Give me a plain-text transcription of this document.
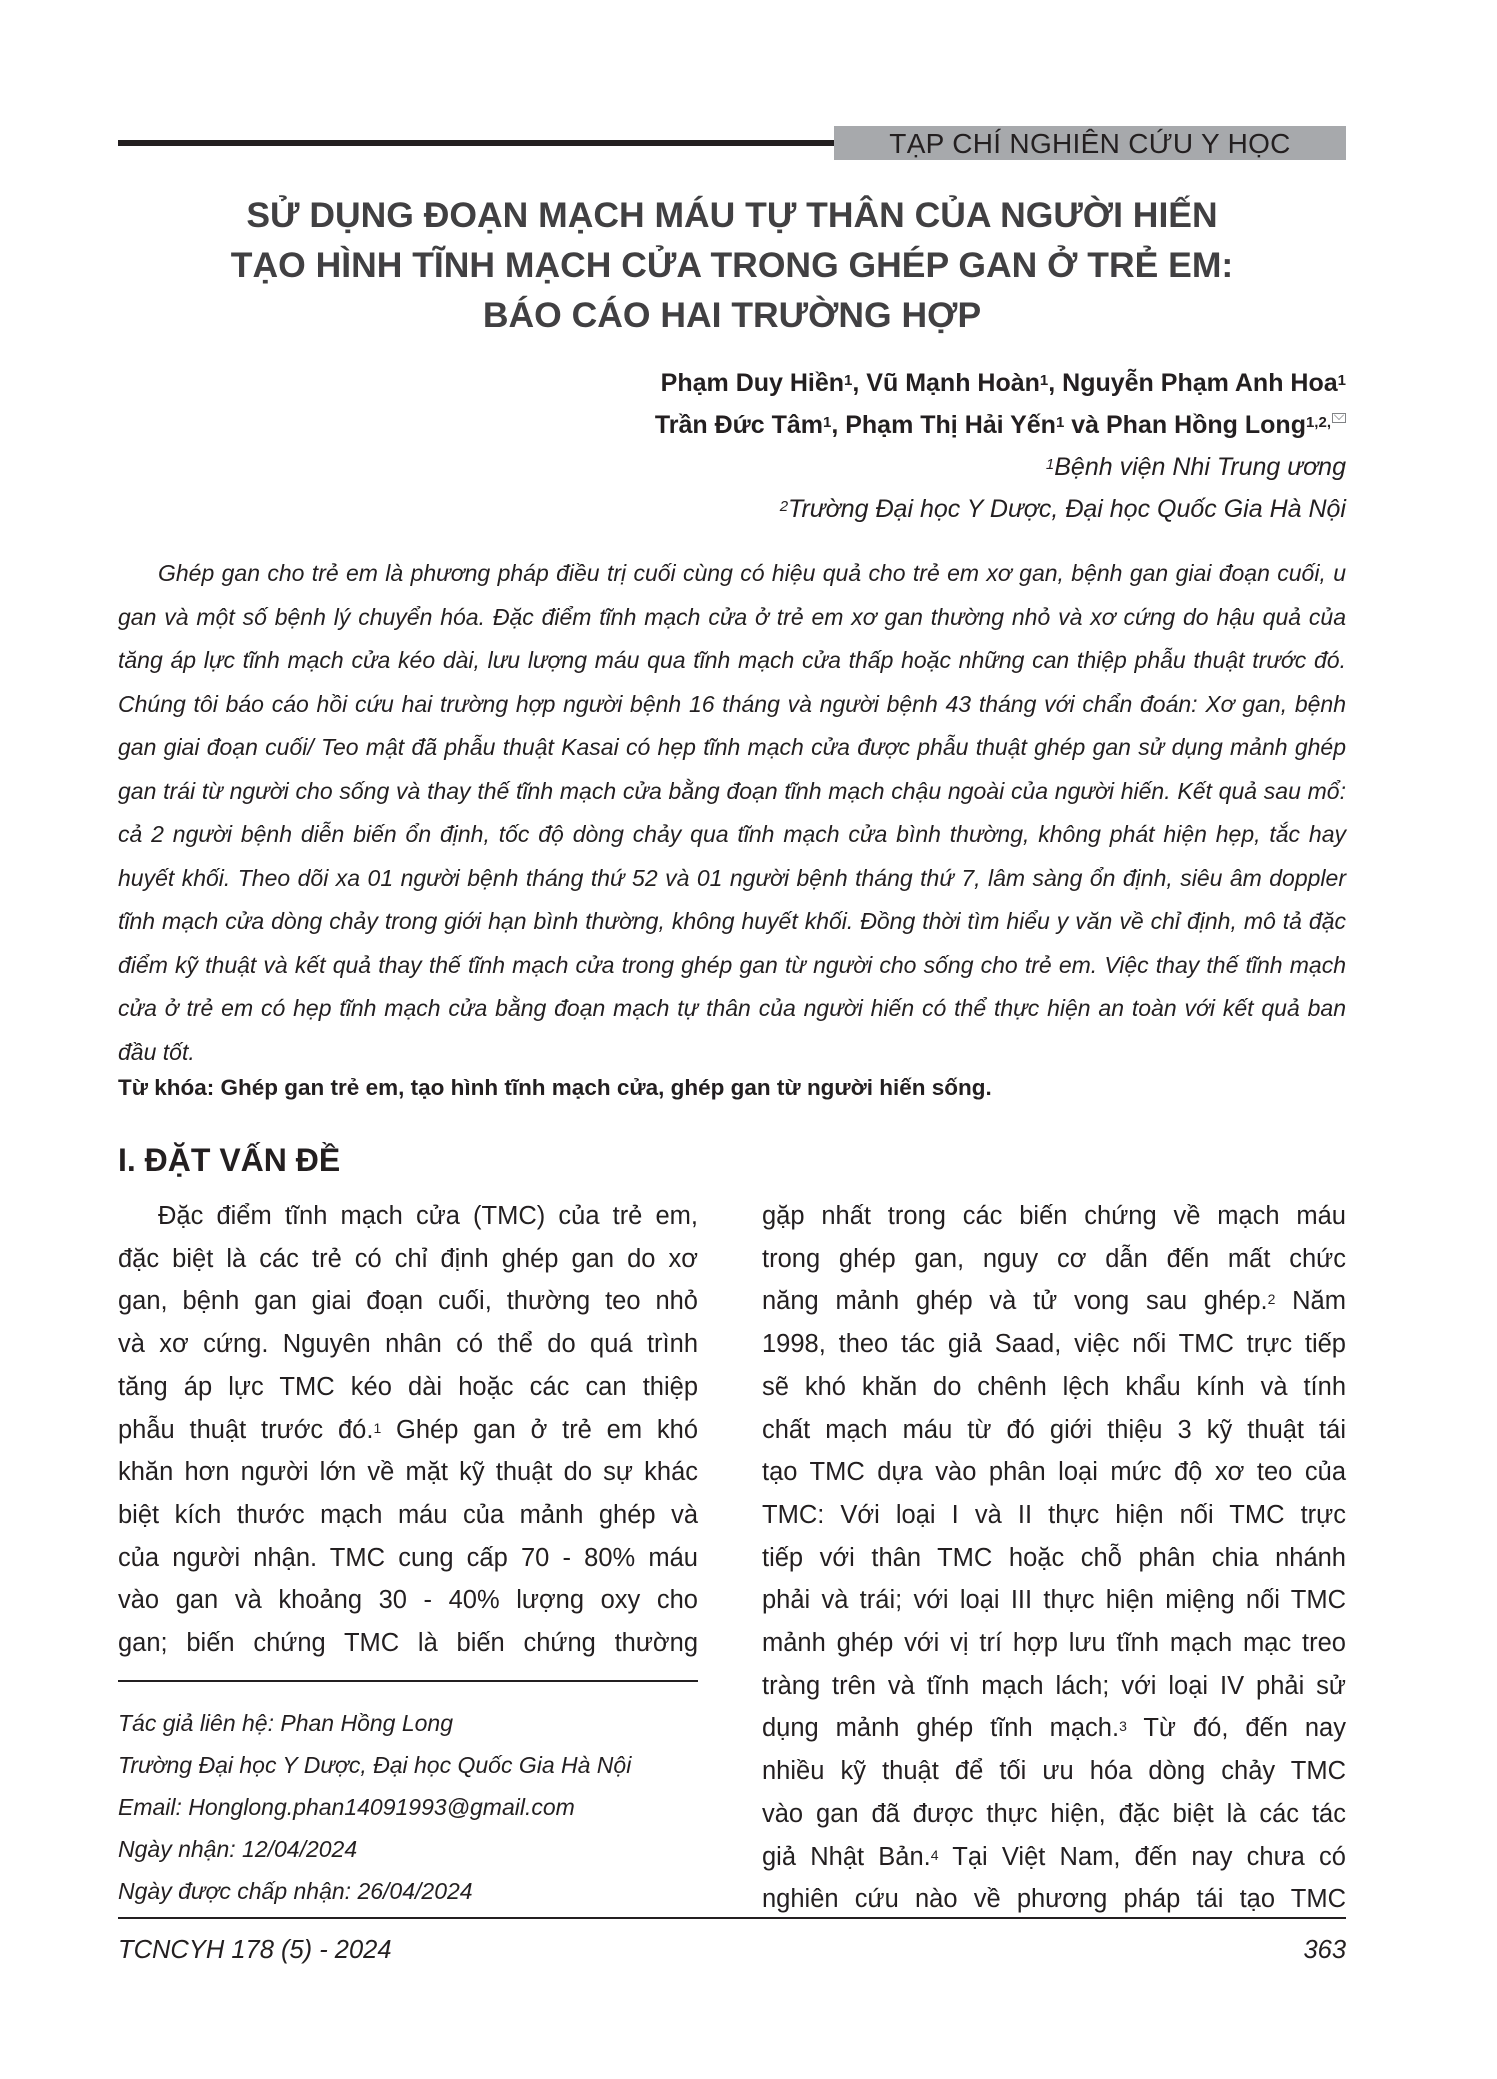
TẠP CHÍ NGHIÊN CỨU Y HỌC
SỬ DỤNG ĐOẠN MẠCH MÁU TỰ THÂN CỦA NGƯỜI HIẾN
TẠO HÌNH TĨNH MẠCH CỬA TRONG GHÉP GAN Ở TRẺ EM:
BÁO CÁO HAI TRƯỜNG HỢP
Phạm Duy Hiền$^1$, Vũ Mạnh Hoàn$^1$, Nguyễn Phạm Anh Hoa$^1$
Trần Đức Tâm$^1$, Phạm Thị Hải Yến$^1$ và Phan Hồng Long$^{1,2,}$
$^1$Bệnh viện Nhi Trung ương
$^2$Trường Đại học Y Dược, Đại học Quốc Gia Hà Nội

Ghép gan cho trẻ em là phương pháp điều trị cuối cùng có hiệu quả cho trẻ em xơ gan, bệnh gan giai đoạn cuối, u gan và một số bệnh lý chuyển hóa. Đặc điểm tĩnh mạch cửa ở trẻ em xơ gan thường nhỏ và xơ cứng do hậu quả của tăng áp lực tĩnh mạch cửa kéo dài, lưu lượng máu qua tĩnh mạch cửa thấp hoặc những can thiệp phẫu thuật trước đó. Chúng tôi báo cáo hồi cứu hai trường hợp người bệnh 16 tháng và người bệnh 43 tháng với chẩn đoán: Xơ gan, bệnh gan giai đoạn cuối/ Teo mật đã phẫu thuật Kasai có hẹp tĩnh mạch cửa được phẫu thuật ghép gan sử dụng mảnh ghép gan trái từ người cho sống và thay thế tĩnh mạch cửa bằng đoạn tĩnh mạch chậu ngoài của người hiến. Kết quả sau mổ: cả 2 người bệnh diễn biến ổn định, tốc độ dòng chảy qua tĩnh mạch cửa bình thường, không phát hiện hẹp, tắc hay huyết khối. Theo dõi xa 01 người bệnh tháng thứ 52 và 01 người bệnh tháng thứ 7, lâm sàng ổn định, siêu âm doppler tĩnh mạch cửa dòng chảy trong giới hạn bình thường, không huyết khối. Đồng thời tìm hiểu y văn về chỉ định, mô tả đặc điểm kỹ thuật và kết quả thay thế tĩnh mạch cửa trong ghép gan từ người cho sống cho trẻ em. Việc thay thế tĩnh mạch cửa ở trẻ em có hẹp tĩnh mạch cửa bằng đoạn mạch tự thân của người hiến có thể thực hiện an toàn với kết quả ban đầu tốt.

Từ khóa: Ghép gan trẻ em, tạo hình tĩnh mạch cửa, ghép gan từ người hiến sống.
I. ĐẶT VẤN ĐỀ

Đặc điểm tĩnh mạch cửa (TMC) của trẻ em,

đặc biệt là các trẻ có chỉ định ghép gan do xơ

gan, bệnh gan giai đoạn cuối, thường teo nhỏ

và xơ cứng. Nguyên nhân có thể do quá trình

tăng áp lực TMC kéo dài hoặc các can thiệp

phẫu thuật trước đó.$^1$ Ghép gan ở trẻ em khó

khăn hơn người lớn về mặt kỹ thuật do sự khác

biệt kích thước mạch máu của mảnh ghép và

của người nhận. TMC cung cấp 70 - 80% máu

vào gan và khoảng 30 - 40% lượng oxy cho

gan; biến chứng TMC là biến chứng thường

gặp nhất trong các biến chứng về mạch máu

trong ghép gan, nguy cơ dẫn đến mất chức

năng mảnh ghép và tử vong sau ghép.$^2$ Năm

1998, theo tác giả Saad, việc nối TMC trực tiếp

sẽ khó khăn do chênh lệch khẩu kính và tính

chất mạch máu từ đó giới thiệu 3 kỹ thuật tái

tạo TMC dựa vào phân loại mức độ xơ teo của

TMC: Với loại I và II thực hiện nối TMC trực

tiếp với thân TMC hoặc chỗ phân chia nhánh

phải và trái; với loại III thực hiện miệng nối TMC

mảnh ghép với vị trí hợp lưu tĩnh mạch mạc treo

tràng trên và tĩnh mạch lách; với loại IV phải sử

dụng mảnh ghép tĩnh mạch.$^3$ Từ đó, đến nay

nhiều kỹ thuật để tối ưu hóa dòng chảy TMC

vào gan đã được thực hiện, đặc biệt là các tác

giả Nhật Bản.$^4$ Tại Việt Nam, đến nay chưa có

nghiên cứu nào về phương pháp tái tạo TMC

Tác giả liên hệ: Phan Hồng Long
Trường Đại học Y Dược, Đại học Quốc Gia Hà Nội
Email: Honglong.phan14091993@gmail.com
Ngày nhận: 12/04/2024
Ngày được chấp nhận: 26/04/2024
TCNCYH 178 (5) - 2024	363
